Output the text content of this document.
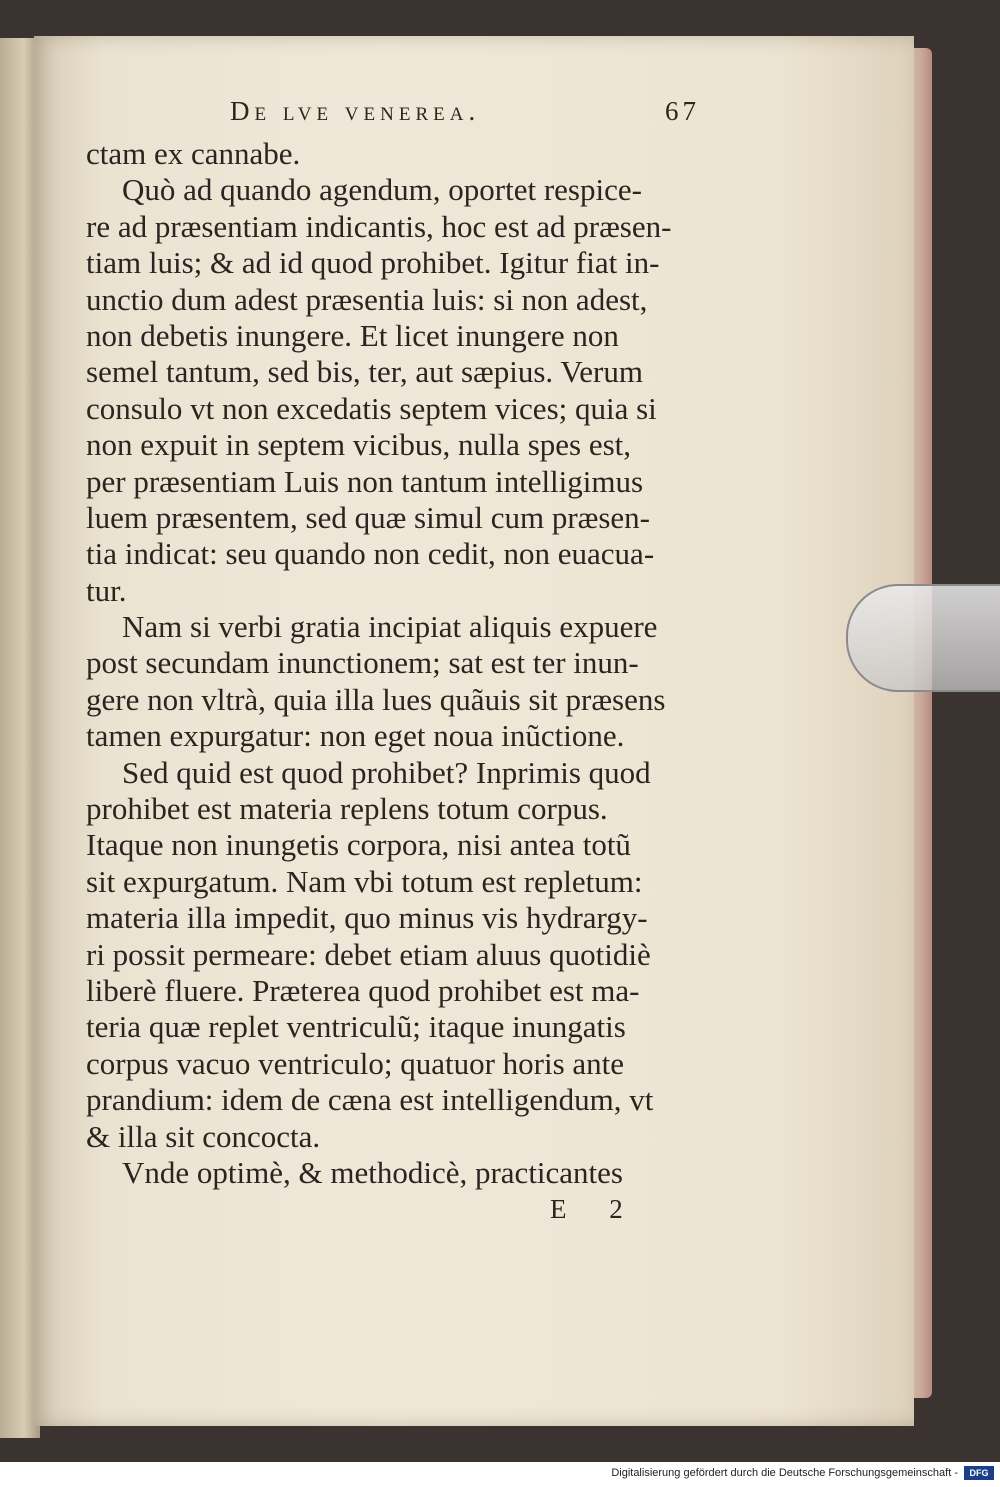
De lve venerea.	67
ctam ex cannabe.
Quò ad quando agendum, oportet respice-
re ad præsentiam indicantis, hoc est ad præsen-
tiam luis; & ad id quod prohibet. Igitur fiat in-
unctio dum adest præsentia luis: si non adest,
non debetis inungere. Et licet inungere non
semel tantum, sed bis, ter, aut sæpius. Verum
consulo vt non excedatis septem vices; quia si
non expuit in septem vicibus, nulla spes est,
per præsentiam Luis non tantum intelligimus
luem præsentem, sed quæ simul cum præsen-
tia indicat: seu quando non cedit, non euacua-
tur.
Nam si verbi gratia incipiat aliquis expuere
post secundam inunctionem; sat est ter inun-
gere non vltrà, quia illa lues quãuis sit præsens
tamen expurgatur: non eget noua inũctione.
Sed quid est quod prohibet? Inprimis quod
prohibet est materia replens totum corpus.
Itaque non inungetis corpora, nisi antea totũ
sit expurgatum. Nam vbi totum est repletum:
materia illa impedit, quo minus vis hydrargy-
ri possit permeare: debet etiam aluus quotidiè
liberè fluere. Præterea quod prohibet est ma-
teria quæ replet ventriculũ; itaque inungatis
corpus vacuo ventriculo; quatuor horis ante
prandium: idem de cæna est intelligendum, vt
& illa sit concocta.
Vnde optimè, & methodicè, practicantes
E 2
Digitalisierung gefördert durch die Deutsche Forschungsgemeinschaft -	DFG
